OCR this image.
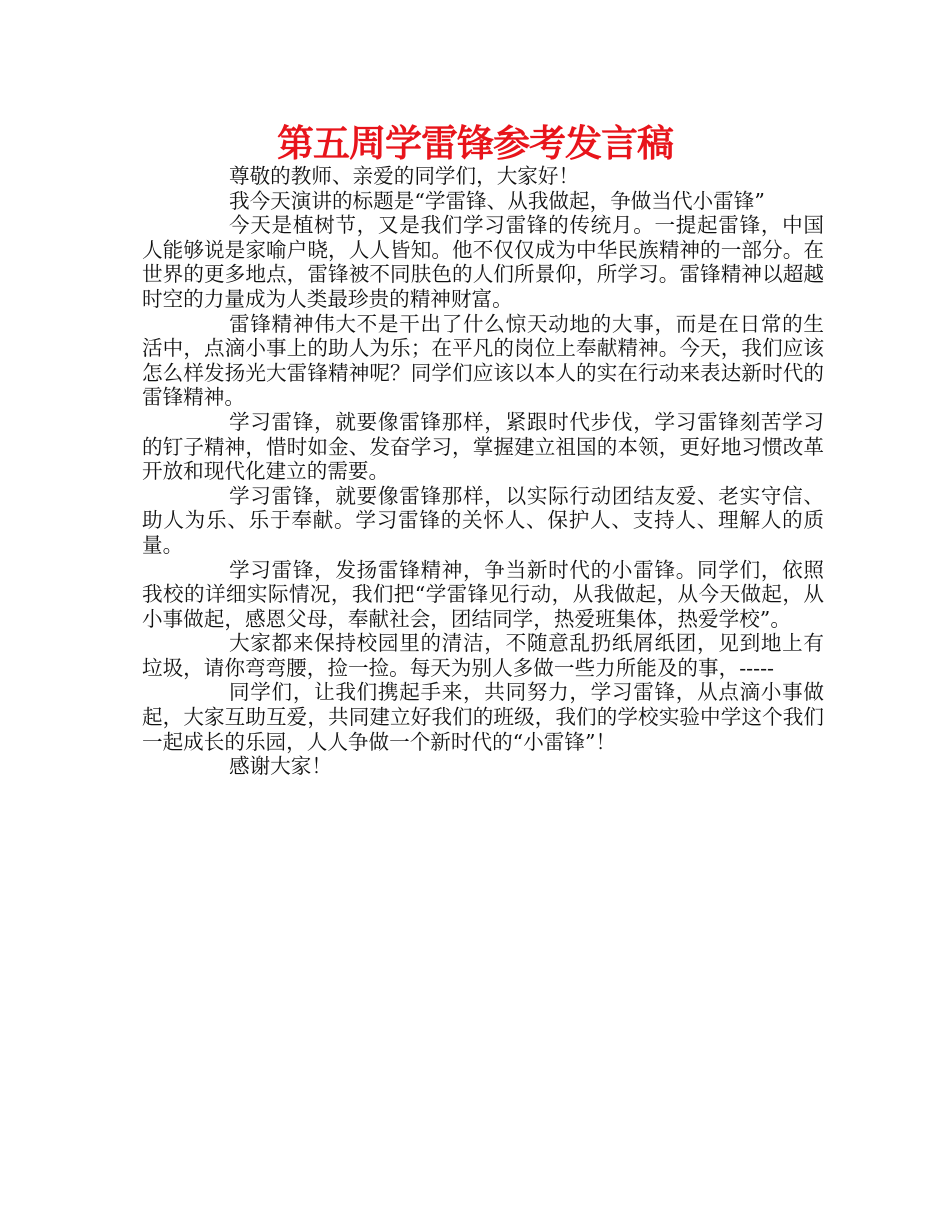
第五周学雷锋参考发言稿

尊敬的教师、亲爱的同学们，大家好！

我今天演讲的标题是“学雷锋、从我做起，争做当代小雷锋”

今天是植树节，又是我们学习雷锋的传统月。一提起雷锋，中国人能够说是家喻户晓，人人皆知。他不仅仅成为中华民族精神的一部分。在世界的更多地点，雷锋被不同肤色的人们所景仰，所学习。雷锋精神以超越时空的力量成为人类最珍贵的精神财富。

雷锋精神伟大不是干出了什么惊天动地的大事，而是在日常的生活中，点滴小事上的助人为乐；在平凡的岗位上奉献精神。今天，我们应该怎么样发扬光大雷锋精神呢？同学们应该以本人的实在行动来表达新时代的雷锋精神。

学习雷锋，就要像雷锋那样，紧跟时代步伐，学习雷锋刻苦学习的钉子精神，惜时如金、发奋学习，掌握建立祖国的本领，更好地习惯改革开放和现代化建立的需要。

学习雷锋，就要像雷锋那样，以实际行动团结友爱、老实守信、助人为乐、乐于奉献。学习雷锋的关怀人、保护人、支持人、理解人的质量。

学习雷锋，发扬雷锋精神，争当新时代的小雷锋。同学们，依照我校的详细实际情况，我们把“学雷锋见行动，从我做起，从今天做起，从小事做起，感恩父母，奉献社会，团结同学，热爱班集体，热爱学校”。

大家都来保持校园里的清洁，不随意乱扔纸屑纸团，见到地上有垃圾，请你弯弯腰，捡一捡。每天为别人多做一些力所能及的事，-----

同学们，让我们携起手来，共同努力，学习雷锋，从点滴小事做起，大家互助互爱，共同建立好我们的班级，我们的学校实验中学这个我们一起成长的乐园，人人争做一个新时代的“小雷锋”！

感谢大家！
